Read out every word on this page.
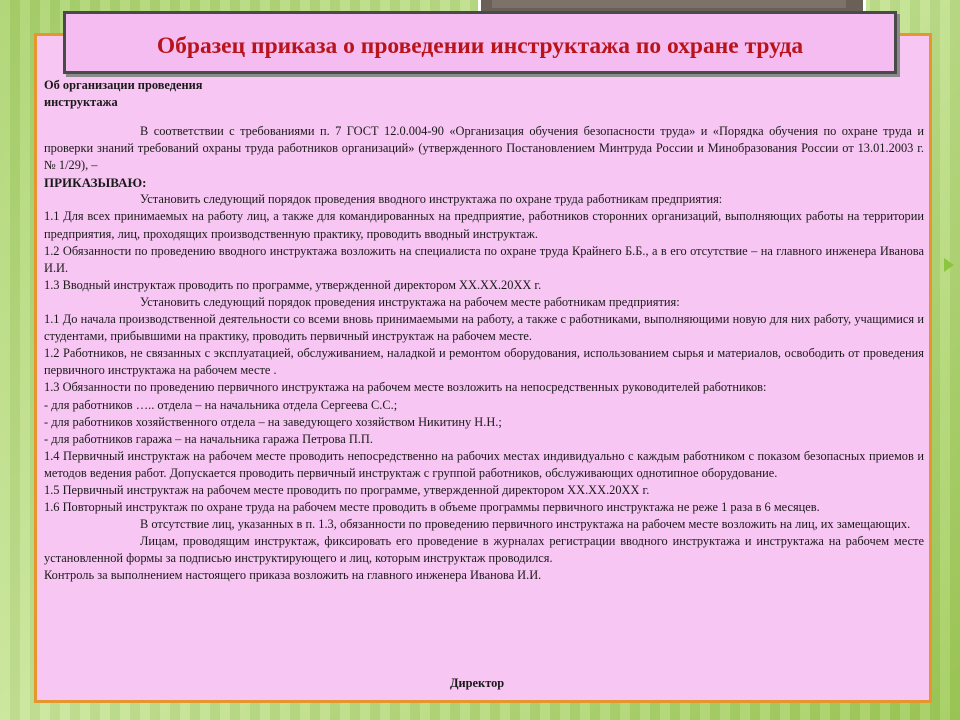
Образец приказа о проведении инструктажа по охране труда
Об организации проведения
инструктажа

В соответствии с требованиями п. 7 ГОСТ 12.0.004-90 «Организация обучения безопасности труда» и «Порядка обучения по охране труда и проверки знаний требований охраны труда работников организаций» (утвержденного Постановлением Минтруда России и Минобразования России от 13.01.2003 г. № 1/29), –

ПРИКАЗЫВАЮ:

Установить следующий порядок проведения вводного инструктажа по охране труда работникам предприятия:

1.1 Для всех принимаемых на работу лиц, а также для командированных на предприятие, работников сторонних организаций, выполняющих работы на территории предприятия, лиц, проходящих производственную практику, проводить вводный инструктаж.

1.2 Обязанности по проведению вводного инструктажа возложить на специалиста по охране труда Крайнего Б.Б., а в его отсутствие – на главного инженера Иванова И.И.

1.3 Вводный инструктаж проводить по программе, утвержденной директором ХХ.ХХ.20ХХ г.

Установить следующий порядок проведения инструктажа на рабочем месте работникам предприятия:

1.1 До начала производственной деятельности со всеми вновь принимаемыми на работу, а также с работниками, выполняющими новую для них работу, учащимися и студентами, прибывшими на практику, проводить первичный инструктаж на рабочем месте.

1.2 Работников, не связанных с эксплуатацией, обслуживанием, наладкой и ремонтом оборудования, использованием сырья и материалов, освободить от проведения первичного инструктажа на рабочем месте .

1.3 Обязанности по проведению первичного инструктажа на рабочем месте возложить на непосредственных руководителей работников:

- для работников ….. отдела – на начальника отдела Сергеева С.С.;

- для работников хозяйственного отдела – на заведующего хозяйством Никитину Н.Н.;

- для работников гаража – на начальника гаража Петрова П.П.

1.4 Первичный инструктаж на рабочем месте проводить непосредственно на рабочих местах индивидуально с каждым работником с показом безопасных приемов и методов ведения работ. Допускается проводить первичный инструктаж с группой работников, обслуживающих однотипное оборудование.

1.5 Первичный инструктаж на рабочем месте проводить по программе, утвержденной директором ХХ.ХХ.20ХХ г.

1.6 Повторный инструктаж по охране труда на рабочем месте проводить в объеме программы первичного инструктажа не реже 1 раза в 6 месяцев.

В отсутствие лиц, указанных в п. 1.3, обязанности по проведению первичного инструктажа на рабочем месте возложить на лиц, их замещающих.

Лицам, проводящим инструктаж, фиксировать его проведение в журналах регистрации вводного инструктажа и инструктажа на рабочем месте установленной формы за подписью инструктирующего и лиц, которым инструктаж проводился.

Контроль за выполнением настоящего приказа возложить на главного инженера Иванова И.И.

Директор
